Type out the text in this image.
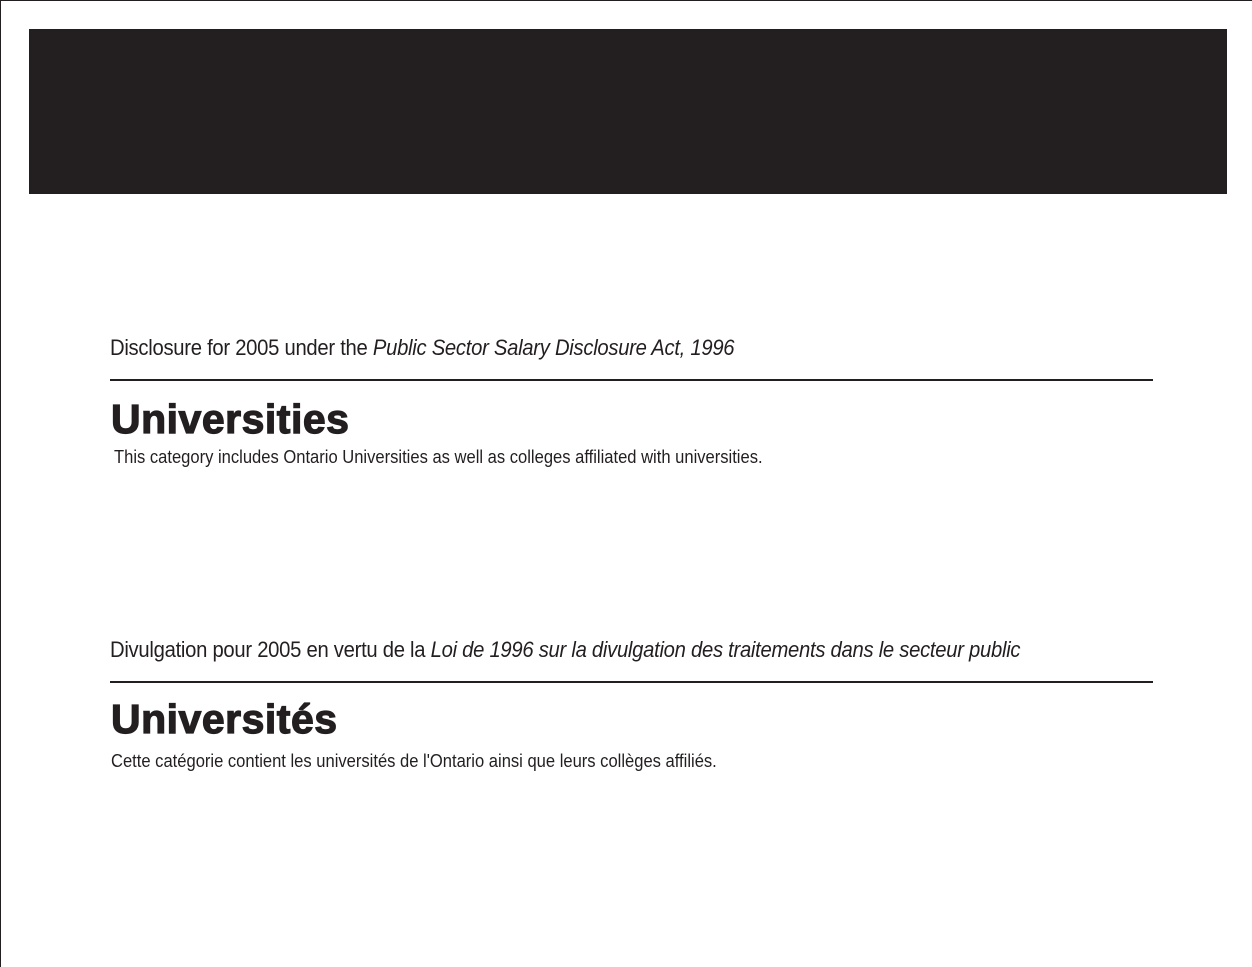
Disclosure for 2005 under the Public Sector Salary Disclosure Act, 1996

Universities
This category includes Ontario Universities as well as colleges affiliated with universities.

Divulgation pour 2005 en vertu de la Loi de 1996 sur la divulgation des traitements dans le secteur public

Universités
Cette catégorie contient les universités de l'Ontario ainsi que leurs collèges affiliés.
